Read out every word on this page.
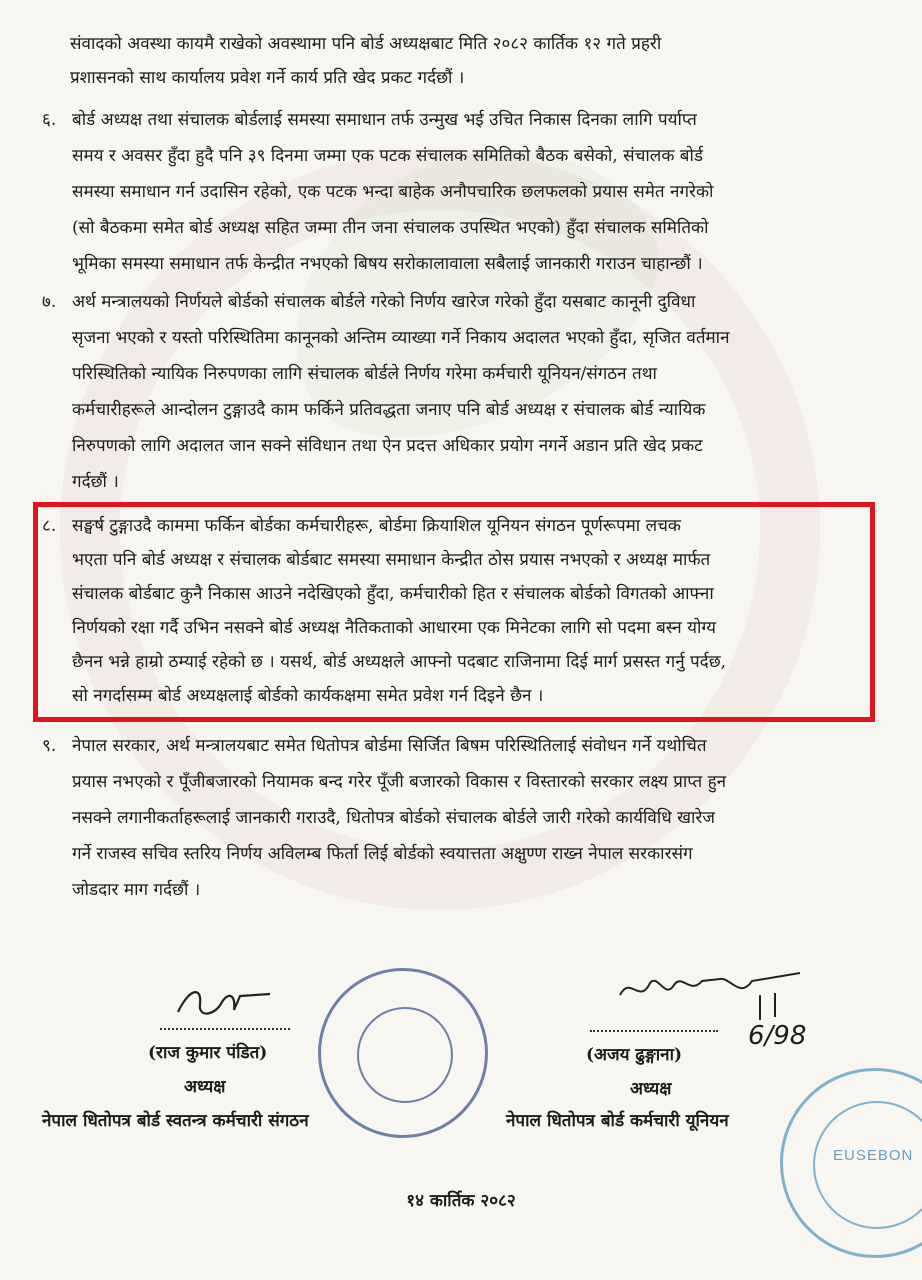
संवादको अवस्था कायमै राखेको अवस्थामा पनि बोर्ड अध्यक्षबाट मिति २०८२ कार्तिक १२ गते प्रहरी
प्रशासनको साथ कार्यालय प्रवेश गर्ने कार्य प्रति खेद प्रकट गर्दछौं ।
६. बोर्ड अध्यक्ष तथा संचालक बोर्डलाई समस्या समाधान तर्फ उन्मुख भई उचित निकास दिनका लागि पर्याप्त
समय र अवसर हुँदा हुदै पनि ३९ दिनमा जम्मा एक पटक संचालक समितिको बैठक बसेको, संचालक बोर्ड
समस्या समाधान गर्न उदासिन रहेको, एक पटक भन्दा बाहेक अनौपचारिक छलफलको प्रयास समेत नगरेको
(सो बैठकमा समेत बोर्ड अध्यक्ष सहित जम्मा तीन जना संचालक उपस्थित भएको) हुँदा संचालक समितिको
भूमिका समस्या समाधान तर्फ केन्द्रीत नभएको बिषय सरोकालावाला सबैलाई जानकारी गराउन चाहान्छौं ।
७. अर्थ मन्त्रालयको निर्णयले बोर्डको संचालक बोर्डले गरेको निर्णय खारेज गरेको हुँदा यसबाट कानूनी दुविधा
सृजना भएको र यस्तो परिस्थितिमा कानूनको अन्तिम व्याख्या गर्ने निकाय अदालत भएको हुँदा, सृजित वर्तमान
परिस्थितिको न्यायिक निरुपणका लागि संचालक बोर्डले निर्णय गरेमा कर्मचारी यूनियन/संगठन तथा
कर्मचारीहरूले आन्दोलन टुङ्गाउदै काम फर्किने प्रतिवद्धता जनाए पनि बोर्ड अध्यक्ष र संचालक बोर्ड न्यायिक
निरुपणको लागि अदालत जान सक्ने संविधान तथा ऐन प्रदत्त अधिकार प्रयोग नगर्ने अडान प्रति खेद प्रकट
गर्दछौं ।
८. सङ्घर्ष टुङ्गाउदै काममा फर्किन बोर्डका कर्मचारीहरू, बोर्डमा क्रियाशिल यूनियन संगठन पूर्णरूपमा लचक
भएता पनि बोर्ड अध्यक्ष र संचालक बोर्डबाट समस्या समाधान केन्द्रीत ठोस प्रयास नभएको र अध्यक्ष मार्फत
संचालक बोर्डबाट कुनै निकास आउने नदेखिएको हुँदा, कर्मचारीको हित र संचालक बोर्डको विगतको आफ्ना
निर्णयको रक्षा गर्दै उभिन नसक्ने बोर्ड अध्यक्ष नैतिकताको आधारमा एक मिनेटका लागि सो पदमा बस्न योग्य
छैनन भन्ने हाम्रो ठम्याई रहेको छ । यसर्थ, बोर्ड अध्यक्षले आफ्नो पदबाट राजिनामा दिई मार्ग प्रसस्त गर्नु पर्दछ,
सो नगर्दासम्म बोर्ड अध्यक्षलाई बोर्डको कार्यकक्षमा समेत प्रवेश गर्न दिइने छैन ।
९. नेपाल सरकार, अर्थ मन्त्रालयबाट समेत धितोपत्र बोर्डमा सिर्जित बिषम परिस्थितिलाई संवोधन गर्ने यथोचित
प्रयास नभएको र पूँजीबजारको नियामक बन्द गरेर पूँजी बजारको विकास र विस्तारको सरकार लक्ष्य प्राप्त हुन
नसक्ने लगानीकर्ताहरूलाई जानकारी गराउदै, धितोपत्र बोर्डको संचालक बोर्डले जारी गरेको कार्यविधि खारेज
गर्ने राजस्व सचिव स्तरिय निर्णय अविलम्ब फिर्ता लिई बोर्डको स्वयात्तता अक्षुण्ण राख्न नेपाल सरकारसंग
जोडदार माग गर्दछौं ।
(राज कुमार पंडित)
अध्यक्ष
नेपाल धितोपत्र बोर्ड स्वतन्त्र कर्मचारी संगठन
6/98
(अजय ढुङ्गाना)
अध्यक्ष
नेपाल धितोपत्र बोर्ड कर्मचारी यूनियन
EUSEBON
१४ कार्तिक २०८२
